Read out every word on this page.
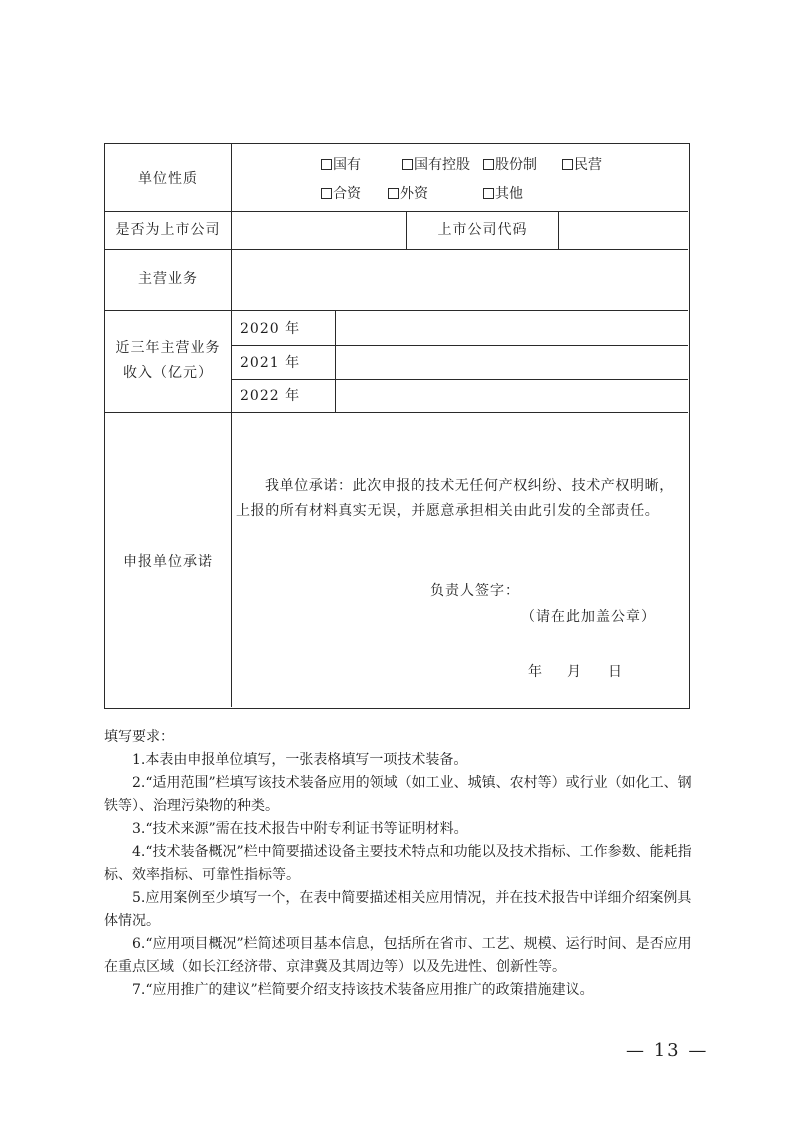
单位性质
国有	国有控股 股份制	民营
合资	外资	其他
是否为上市公司	上市公司代码
主营业务
近三年主营业务
收入（亿元）
2020 年
2021 年
2022 年
申报单位承诺
我单位承诺：此次申报的技术无任何产权纠纷、技术产权明晰，
上报的所有材料真实无误，并愿意承担相关由此引发的全部责任。
负责人签字：
（请在此加盖公章）
年 月 日

填写要求：

1.本表由申报单位填写，一张表格填写一项技术装备。

2.“适用范围”栏填写该技术装备应用的领域（如工业、城镇、农村等）或行业（如化工、钢铁等）、治理污染物的种类。

3.“技术来源”需在技术报告中附专利证书等证明材料。

4.“技术装备概况”栏中简要描述设备主要技术特点和功能以及技术指标、工作参数、能耗指标、效率指标、可靠性指标等。

5.应用案例至少填写一个，在表中简要描述相关应用情况，并在技术报告中详细介绍案例具体情况。

6.“应用项目概况”栏简述项目基本信息，包括所在省市、工艺、规模、运行时间、是否应用在重点区域（如长江经济带、京津冀及其周边等）以及先进性、创新性等。

7.“应用推广的建议”栏简要介绍支持该技术装备应用推广的政策措施建议。

— 13 —
